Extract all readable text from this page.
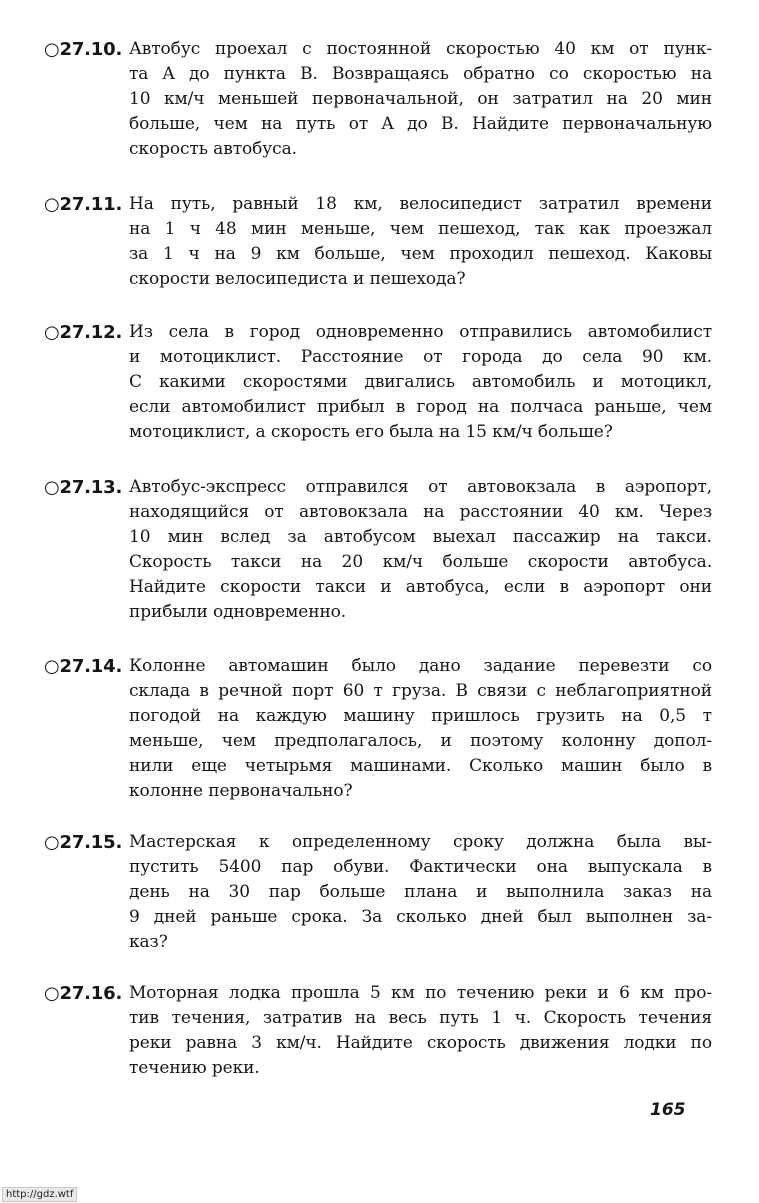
○27.10. Автобус проехал с постоянной скоростью 40 км от пунк-
та A до пункта B. Возвращаясь обратно со скоростью на
10 км/ч меньшей первоначальной, он затратил на 20 мин
больше, чем на путь от A до B. Найдите первоначальную
скорость автобуса.
○27.11. На путь, равный 18 км, велосипедист затратил времени
на 1 ч 48 мин меньше, чем пешеход, так как проезжал
за 1 ч на 9 км больше, чем проходил пешеход. Каковы
скорости велосипедиста и пешехода?
○27.12. Из села в город одновременно отправились автомобилист
и мотоциклист. Расстояние от города до села 90 км.
С какими скоростями двигались автомобиль и мотоцикл,
если автомобилист прибыл в город на полчаса раньше, чем
мотоциклист, а скорость его была на 15 км/ч больше?
○27.13. Автобус-экспресс отправился от автовокзала в аэропорт,
находящийся от автовокзала на расстоянии 40 км. Через
10 мин вслед за автобусом выехал пассажир на такси.
Скорость такси на 20 км/ч больше скорости автобуса.
Найдите скорости такси и автобуса, если в аэропорт они
прибыли одновременно.
○27.14. Колонне автомашин было дано задание перевезти со
склада в речной порт 60 т груза. В связи с неблагоприятной
погодой на каждую машину пришлось грузить на 0,5 т
меньше, чем предполагалось, и поэтому колонну допол-
нили еще четырьмя машинами. Сколько машин было в
колонне первоначально?
○27.15. Мастерская к определенному сроку должна была вы-
пустить 5400 пар обуви. Фактически она выпускала в
день на 30 пар больше плана и выполнила заказ на
9 дней раньше срока. За сколько дней был выполнен за-
каз?
○27.16. Моторная лодка прошла 5 км по течению реки и 6 км про-
тив течения, затратив на весь путь 1 ч. Скорость течения
реки равна 3 км/ч. Найдите скорость движения лодки по
течению реки.
165
http://gdz.wtf
